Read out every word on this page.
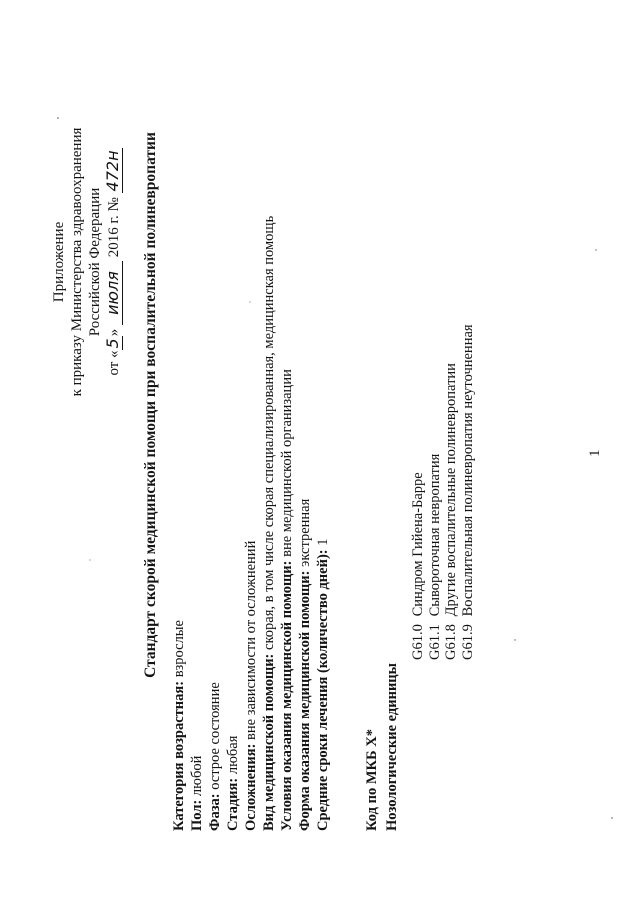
Приложение к приказу Министерства здравоохранения Российской Федерации
от «5» июля 2016 г. № 472н Стандарт скорой медицинской помощи при воспалительной полиневропатии
Категория возрастная: взрослые
Пол: любой
Фаза: острое состояние
Стадия: любая Осложнения: вне зависимости от осложнений
Вид медицинской помощи: скорая, в том числе скорая специализированная, медицинская помощь
Условия оказания медицинской помощи: вне медицинской организации
Форма оказания медицинской помощи: экстренная
Средние сроки лечения (количество дней): 1
Код по МКБ X* Нозологические единицы
G61.0 Синдром Гийена-Барре
G61.1 Сывороточная невропатия
G61.8 Другие воспалительные полиневропатии
G61.9 Воспалительная полиневропатия неуточненная	1
